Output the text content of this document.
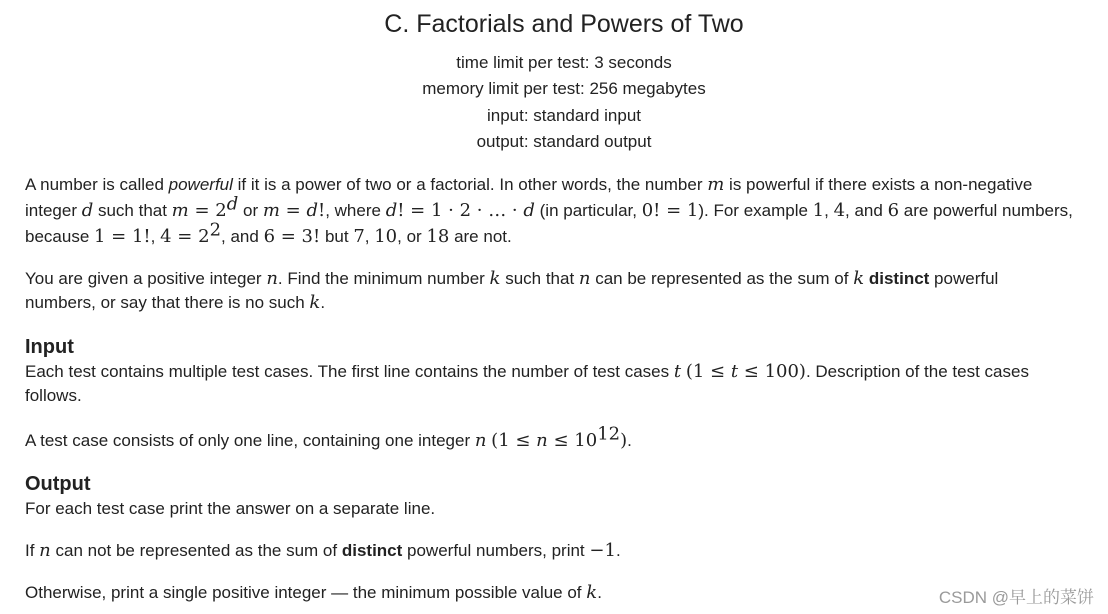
C. Factorials and Powers of Two
time limit per test: 3 seconds
memory limit per test: 256 megabytes
input: standard input
output: standard output
A number is called powerful if it is a power of two or a factorial. In other words, the number m is powerful if there exists a non-negative
integer d such that $m = 2^d$ or m = d!, where d! = 1 · 2 · … · d (in particular, 0! = 1). For example 1, 4, and 6 are powerful numbers,
because 1 = 1!, $4 = 2^2$, and 6 = 3! but 7, 10, or 18 are not.
You are given a positive integer n. Find the minimum number k such that n can be represented as the sum of k distinct powerful
numbers, or say that there is no such k.
Input
Each test contains multiple test cases. The first line contains the number of test cases t (1 ≤ t ≤ 100). Description of the test cases
follows.
A test case consists of only one line, containing one integer n $(1 \le n \le 10^{12})$.
Output
For each test case print the answer on a separate line.
If n can not be represented as the sum of distinct powerful numbers, print −1.
Otherwise, print a single positive integer — the minimum possible value of k.	CSDN @早上的菜饼
